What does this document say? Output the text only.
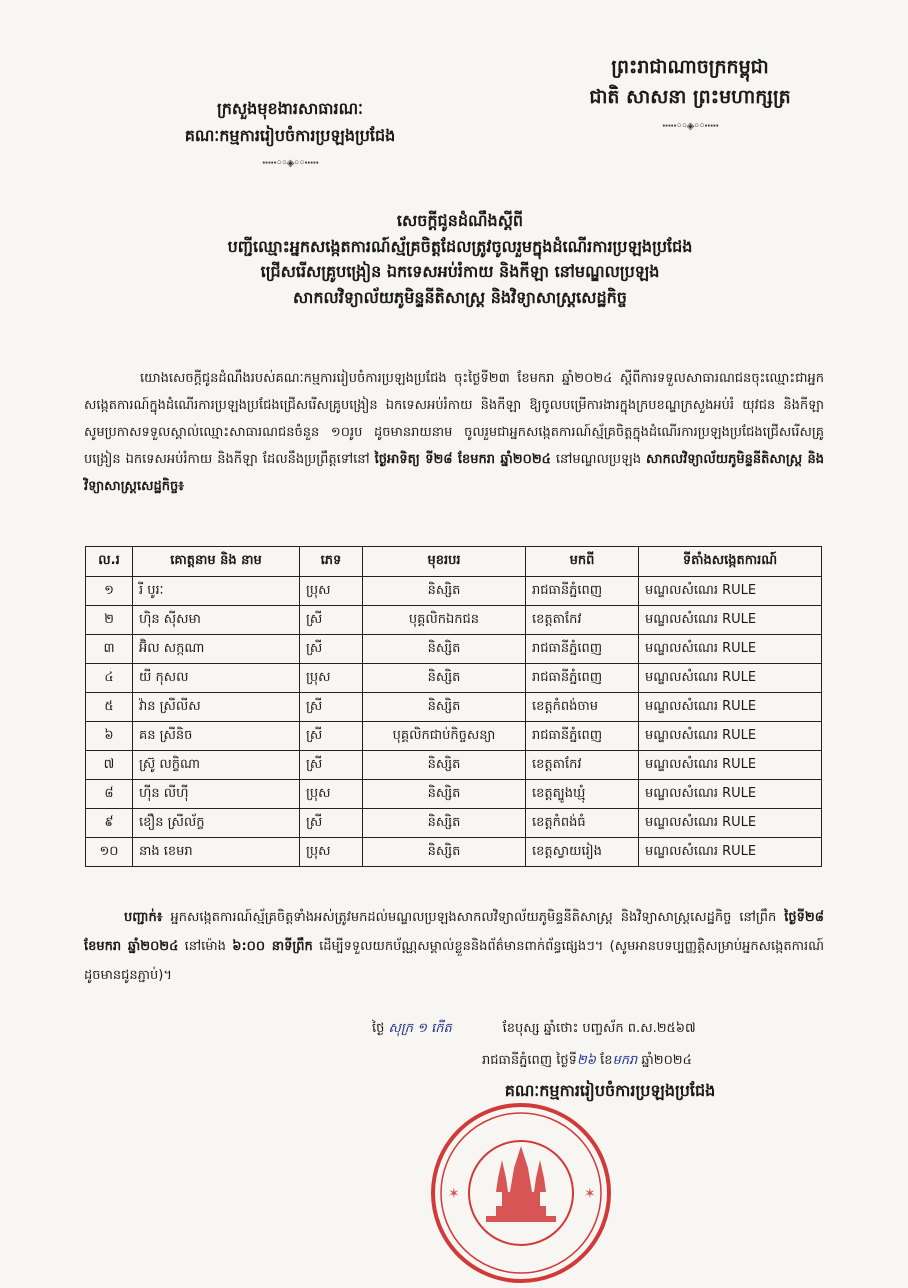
ព្រះរាជាណាចក្រកម្ពុជា
ជាតិ សាសនា ព្រះមហាក្សត្រ
·····◦◦◈◦◦·····
ក្រសួងមុខងារសាធារណៈ
គណៈកម្មការរៀបចំការប្រឡងប្រជែង
·····◦◦◈◦◦·····
សេចក្ដីជូនដំណឹងស្ដីពី
បញ្ជីឈ្មោះអ្នកសង្កេតការណ៍ស្ម័គ្រចិត្តដែលត្រូវចូលរួមក្នុងដំណើរការប្រឡងប្រជែង
ជ្រើសរើសគ្រូបង្រៀន ឯកទេសអប់រំកាយ និងកីឡា នៅមណ្ឌលប្រឡង
សាកលវិទ្យាល័យភូមិន្ទនីតិសាស្ត្រ និងវិទ្យាសាស្ត្រសេដ្ឋកិច្ច
យោងសេចក្ដីជូនដំណឹងរបស់គណៈកម្មការរៀបចំការប្រឡងប្រជែង ចុះថ្ងៃទី២៣ ខែមករា ឆ្នាំ២០២៤ ស្ដីពីការទទួលសាធារណជនចុះឈ្មោះជាអ្នកសង្កេតការណ៍ក្នុងដំណើរការប្រឡងប្រជែងជ្រើសរើសគ្រូបង្រៀន ឯកទេសអប់រំកាយ និងកីឡា ឱ្យចូលបម្រើការងារក្នុងក្របខណ្ឌក្រសួងអប់រំ យុវជន និងកីឡា សូមប្រកាសទទួលស្គាល់ឈ្មោះសាធារណជនចំនួន ១០រូប ដូចមានរាយនាម ចូលរួមជាអ្នកសង្កេតការណ៍ស្ម័គ្រចិត្តក្នុងដំណើរការប្រឡងប្រជែងជ្រើសរើសគ្រូបង្រៀន ឯកទេសអប់រំកាយ និងកីឡា ដែលនឹងប្រព្រឹត្តទៅនៅ ថ្ងៃអាទិត្យ ទី២៨ ខែមករា ឆ្នាំ២០២៤ នៅមណ្ឌលប្រឡង សាកលវិទ្យាល័យភូមិន្ទនីតិសាស្ត្រ និងវិទ្យាសាស្ត្រសេដ្ឋកិច្ច៖
ល.រ	គោត្តនាម និង នាម	ភេទ	មុខរបរ	មកពី	ទីតាំងសង្កេតការណ៍
១	រី បូរៈ	ប្រុស	និស្សិត	រាជធានីភ្នំពេញ	មណ្ឌលសំណេរ RULE
២	ហ៊ិន ស៊ីសមា	ស្រី	បុគ្គលិកឯកជន	ខេត្តតាកែវ	មណ្ឌលសំណេរ RULE
៣	អ៊ិល សក្កណា	ស្រី	និស្សិត	រាជធានីភ្នំពេញ	មណ្ឌលសំណេរ RULE
៤	យី កុសល	ប្រុស	និស្សិត	រាជធានីភ្នំពេញ	មណ្ឌលសំណេរ RULE
៥	វ៉ាន ស្រីលីស	ស្រី	និស្សិត	ខេត្តកំពង់ចាម	មណ្ឌលសំណេរ RULE
៦	គន ស្រីនិច	ស្រី	បុគ្គលិកជាប់កិច្ចសន្យា	រាជធានីភ្នំពេញ	មណ្ឌលសំណេរ RULE
៧	ស៊្រូ លក្ខិណា	ស្រី	និស្សិត	ខេត្តតាកែវ	មណ្ឌលសំណេរ RULE
៨	ហ៊ីន លីហ៊ី	ប្រុស	និស្សិត	ខេត្តត្បូងឃ្មុំ	មណ្ឌលសំណេរ RULE
៩	ខឿន ស្រីល័ក្ខ	ស្រី	និស្សិត	ខេត្តកំពង់ធំ	មណ្ឌលសំណេរ RULE
១០	នាង ខេមរា	ប្រុស	និស្សិត	ខេត្តស្វាយរៀង	មណ្ឌលសំណេរ RULE
បញ្ជាក់៖ អ្នកសង្កេតការណ៍ស្ម័គ្រចិត្តទាំងអស់ត្រូវមកដល់មណ្ឌលប្រឡងសាកលវិទ្យាល័យភូមិន្ទនីតិសាស្ត្រ និងវិទ្យាសាស្ត្រសេដ្ឋកិច្ច នៅព្រឹក ថ្ងៃទី២៨ ខែមករា ឆ្នាំ២០២៤ នៅម៉ោង ៦:០០ នាទីព្រឹក ដើម្បីទទួលយកប័ណ្ណសម្គាល់ខ្លួននិងព័ត៌មានពាក់ព័ន្ធផ្សេងៗ។ (សូមអានបទប្បញ្ញត្តិសម្រាប់អ្នកសង្កេតការណ៍ដូចមានជូនភ្ជាប់)។
ថ្ងៃ សុក្រ ១ កើត	ខែបុស្ស ឆ្នាំថោះ បញ្ចស័ក ព.ស.២៥៦៧
រាជធានីភ្នំពេញ ថ្ងៃទី២៦ ខែមករា ឆ្នាំ២០២៤
គណៈកម្មការរៀបចំការប្រឡងប្រជែង
✶	✶
